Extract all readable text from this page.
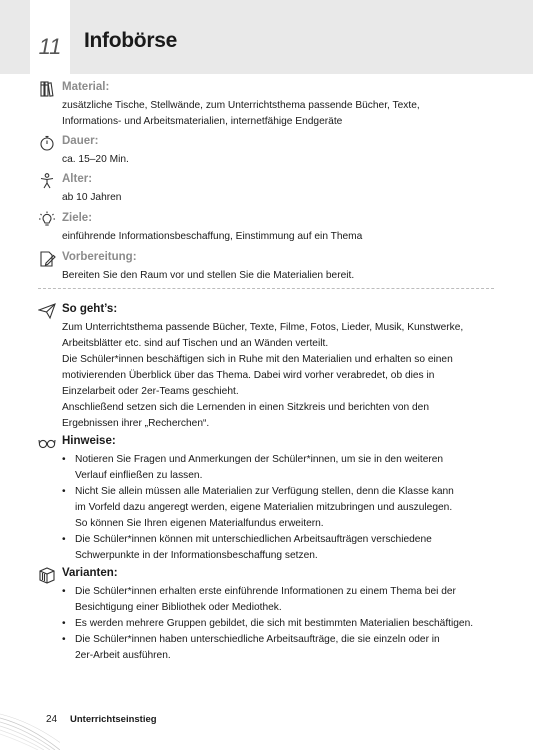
11	Infobörse
Material:

zusätzliche Tische, Stellwände, zum Unterrichtsthema passende Bücher, Texte,

Informations- und Arbeitsmaterialien, internetfähige Endgeräte

Dauer:
ca. 15–20 Min.
Alter:
ab 10 Jahren
Ziele:
einführende Informationsbeschaffung, Einstimmung auf ein Thema
Vorbereitung:
Bereiten Sie den Raum vor und stellen Sie die Materialien bereit.
So geht’s:

Zum Unterrichtsthema passende Bücher, Texte, Filme, Fotos, Lieder, Musik, Kunstwerke,

Arbeitsblätter etc. sind auf Tischen und an Wänden verteilt.

Die Schüler*innen beschäftigen sich in Ruhe mit den Materialien und erhalten so einen

motivierenden Überblick über das Thema. Dabei wird vorher verabredet, ob dies in

Einzelarbeit oder 2er-Teams geschieht.

Anschließend setzen sich die Lernenden in einen Sitzkreis und berichten von den

Ergebnissen ihrer „Recherchen“.

Hinweise:
• Notieren Sie Fragen und Anmerkungen der Schüler*innen, um sie in den weiteren
Verlauf einfließen zu lassen.
• Nicht Sie allein müssen alle Materialien zur Verfügung stellen, denn die Klasse kann
im Vorfeld dazu angeregt werden, eigene Materialien mitzubringen und auszulegen.
So können Sie Ihren eigenen Materialfundus erweitern.
• Die Schüler*innen können mit unterschiedlichen Arbeitsaufträgen verschiedene
Schwerpunkte in der Informationsbeschaffung setzen.
Varianten:
• Die Schüler*innen erhalten erste einführende Informationen zu einem Thema bei der
Besichtigung einer Bibliothek oder Mediothek.
• Es werden mehrere Gruppen gebildet, die sich mit bestimmten Materialien beschäftigen.
• Die Schüler*innen haben unterschiedliche Arbeitsaufträge, die sie einzeln oder in
2er-Arbeit ausführen.
24 Unterrichtseinstieg
